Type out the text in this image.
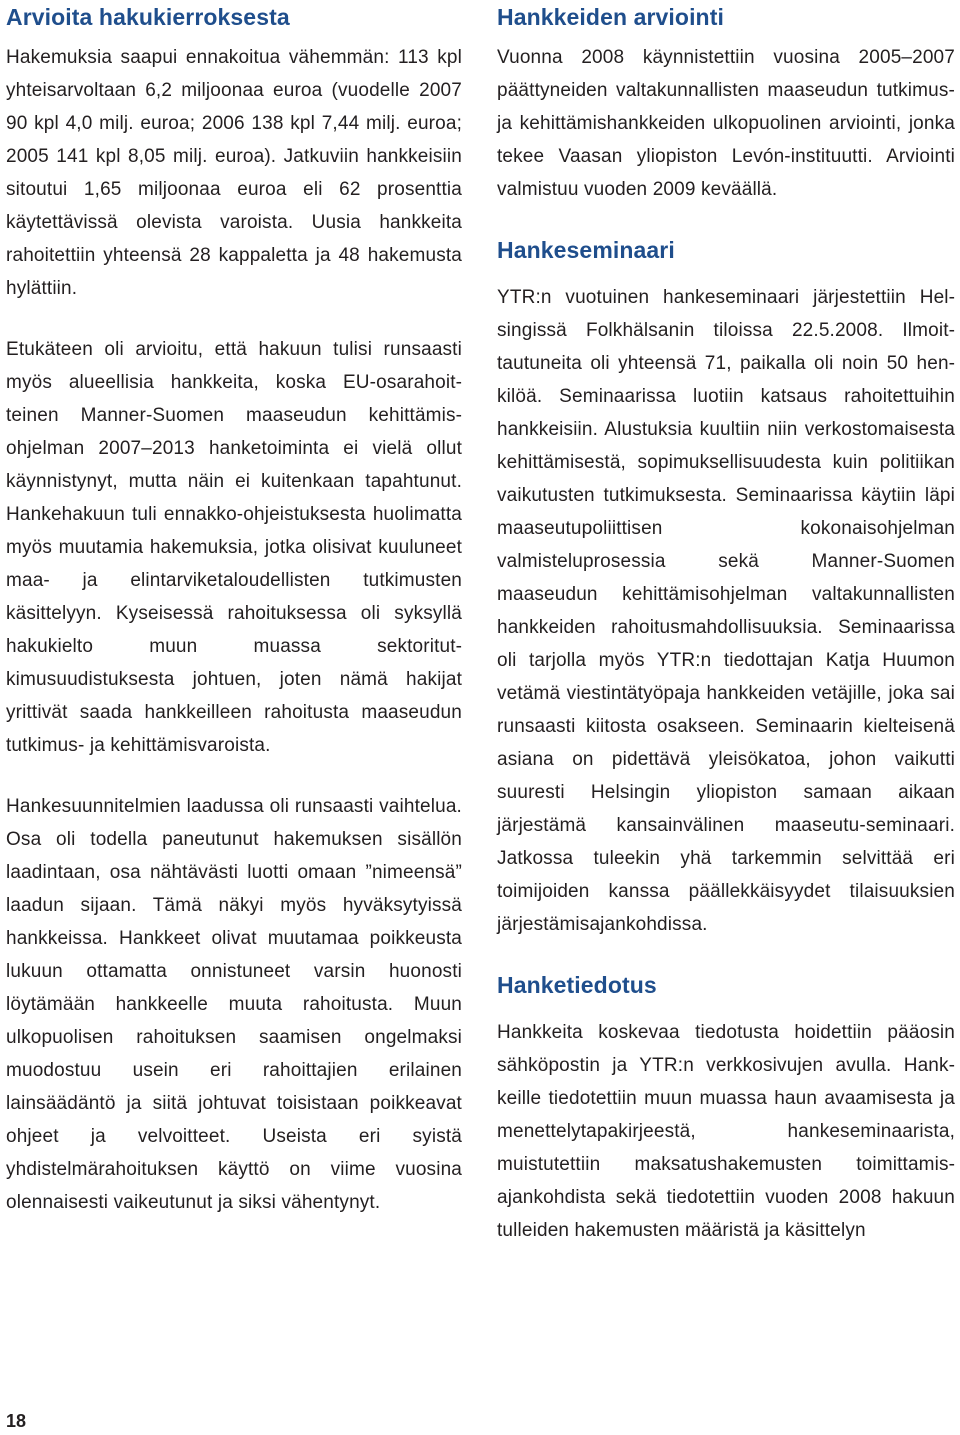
Arvioita hakukierroksesta

Hakemuksia saapui ennakoitua vähemmän: 113 kpl yhteisarvoltaan 6,2 miljoonaa euroa (vuodelle 2007 90 kpl 4,0 milj. euroa; 2006 138 kpl 7,44 milj. euroa; 2005 141 kpl 8,05 milj. euroa). Jatkuviin hankkeisiin sitoutui 1,65 miljoonaa euroa eli 62 prosenttia käytettävissä olevista varoista. Uusia hankkeita rahoitettiin yhteensä 28 kappaletta ja 48 hakemusta hylättiin.

Etukäteen oli arvioitu, että hakuun tulisi runsaasti myös alueellisia hankkeita, koska EU-osarahoitteinen Manner-Suomen maaseudun kehittämisohjelman 2007–2013 hanketoiminta ei vielä ollut käynnistynyt, mutta näin ei kuitenkaan tapahtunut. Hankehakuun tuli ennakko-ohjeistuksesta huolimatta myös muutamia hakemuksia, jotka olisivat kuuluneet maa- ja elintarviketaloudellisten tutkimusten käsittelyyn. Kyseisessä rahoituksessa oli syksyllä hakukielto muun muassa sektoritutkimusuudistuksesta johtuen, joten nämä hakijat yrittivät saada hankkeilleen rahoitusta maaseudun tutkimus- ja kehittämisvaroista.

Hankesuunnitelmien laadussa oli runsaasti vaihtelua. Osa oli todella paneutunut hakemuksen sisällön laadintaan, osa nähtävästi luotti omaan ”nimeensä” laadun sijaan. Tämä näkyi myös hyväksytyissä hankkeissa. Hankkeet olivat muutamaa poikkeusta lukuun ottamatta onnistuneet varsin huonosti löytämään hankkeelle muuta rahoitusta. Muun ulkopuolisen rahoituksen saamisen ongelmaksi muodostuu usein eri rahoittajien erilainen lainsäädäntö ja siitä johtuvat toisistaan poikkeavat ohjeet ja velvoitteet. Useista eri syistä yhdistelmärahoituksen käyttö on viime vuosina olennaisesti vaikeutunut ja siksi vähentynyt.

Hankkeiden arviointi

Vuonna 2008 käynnistettiin vuosina 2005–2007 päättyneiden valtakunnallisten maaseudun tutkimus- ja kehittämishankkeiden ulkopuolinen arviointi, jonka tekee Vaasan yliopiston Levón-instituutti. Arviointi valmistuu vuoden 2009 keväällä.

Hankeseminaari

YTR:n vuotuinen hankeseminaari järjestettiin Helsingissä Folkhälsanin tiloissa 22.5.2008. Ilmoittautuneita oli yhteensä 71, paikalla oli noin 50 henkilöä. Seminaarissa luotiin katsaus rahoitettuihin hankkeisiin. Alustuksia kuultiin niin verkostomaisesta kehittämisestä, sopimuksellisuudesta kuin politiikan vaikutusten tutkimuksesta. Seminaarissa käytiin läpi maaseutupoliittisen kokonaisohjelman valmisteluprosessia sekä Manner-Suomen maaseudun kehittämisohjelman valtakunnallisten hankkeiden rahoitusmahdollisuuksia. Seminaarissa oli tarjolla myös YTR:n tiedottajan Katja Huumon vetämä viestintätyöpaja hankkeiden vetäjille, joka sai runsaasti kiitosta osakseen. Seminaarin kielteisenä asiana on pidettävä yleisökatoa, johon vaikutti suuresti Helsingin yliopiston samaan aikaan järjestämä kansainvälinen maaseutu-seminaari. Jatkossa tuleekin yhä tarkemmin selvittää eri toimijoiden kanssa päällekkäisyydet tilaisuuksien järjestämisajankohdissa.

Hanketiedotus

Hankkeita koskevaa tiedotusta hoidettiin pääosin sähköpostin ja YTR:n verkkosivujen avulla. Hankkeille tiedotettiin muun muassa haun avaamisesta ja menettelytapakirjeestä, hankeseminaarista, muistutettiin maksatushakemusten toimittamisajankohdista sekä tiedotettiin vuoden 2008 hakuun tulleiden hakemusten määristä ja käsittelyn

18
